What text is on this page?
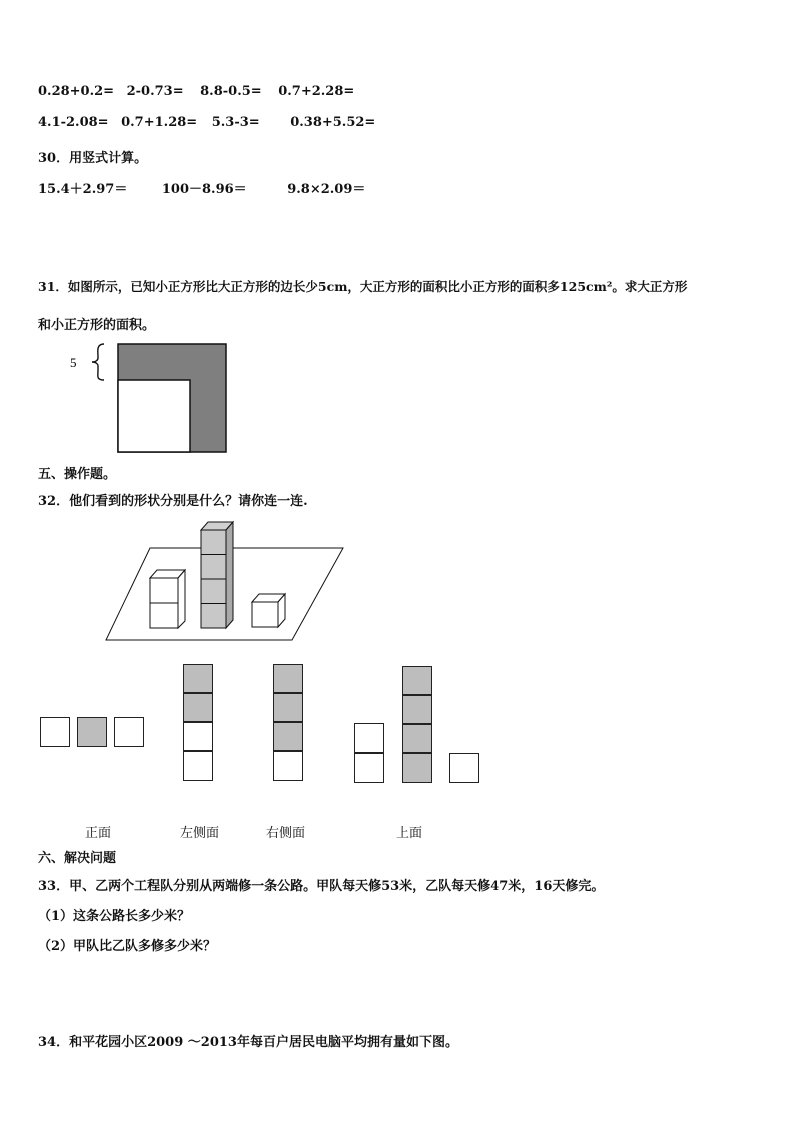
0.28+0.2= 2-0.73= 8.8-0.5= 0.7+2.28=
4.1-2.08= 0.7+1.28= 5.3-3= 0.38+5.52=
30．用竖式计算。
15.4＋2.97＝	100－8.96＝	9.8×2.09＝
31．如图所示，已知小正方形比大正方形的边长少5cm，大正方形的面积比小正方形的面积多125cm²。求大正方形
和小正方形的面积。
5
五、操作题。
32．他们看到的形状分别是什么？请你连一连.
正面	左侧面	右侧面	上面
六、解决问题
33．甲、乙两个工程队分别从两端修一条公路。甲队每天修53米，乙队每天修47米，16天修完。
（1）这条公路长多少米？
（2）甲队比乙队多修多少米？
34．和平花园小区2009 ～2013年每百户居民电脑平均拥有量如下图。
